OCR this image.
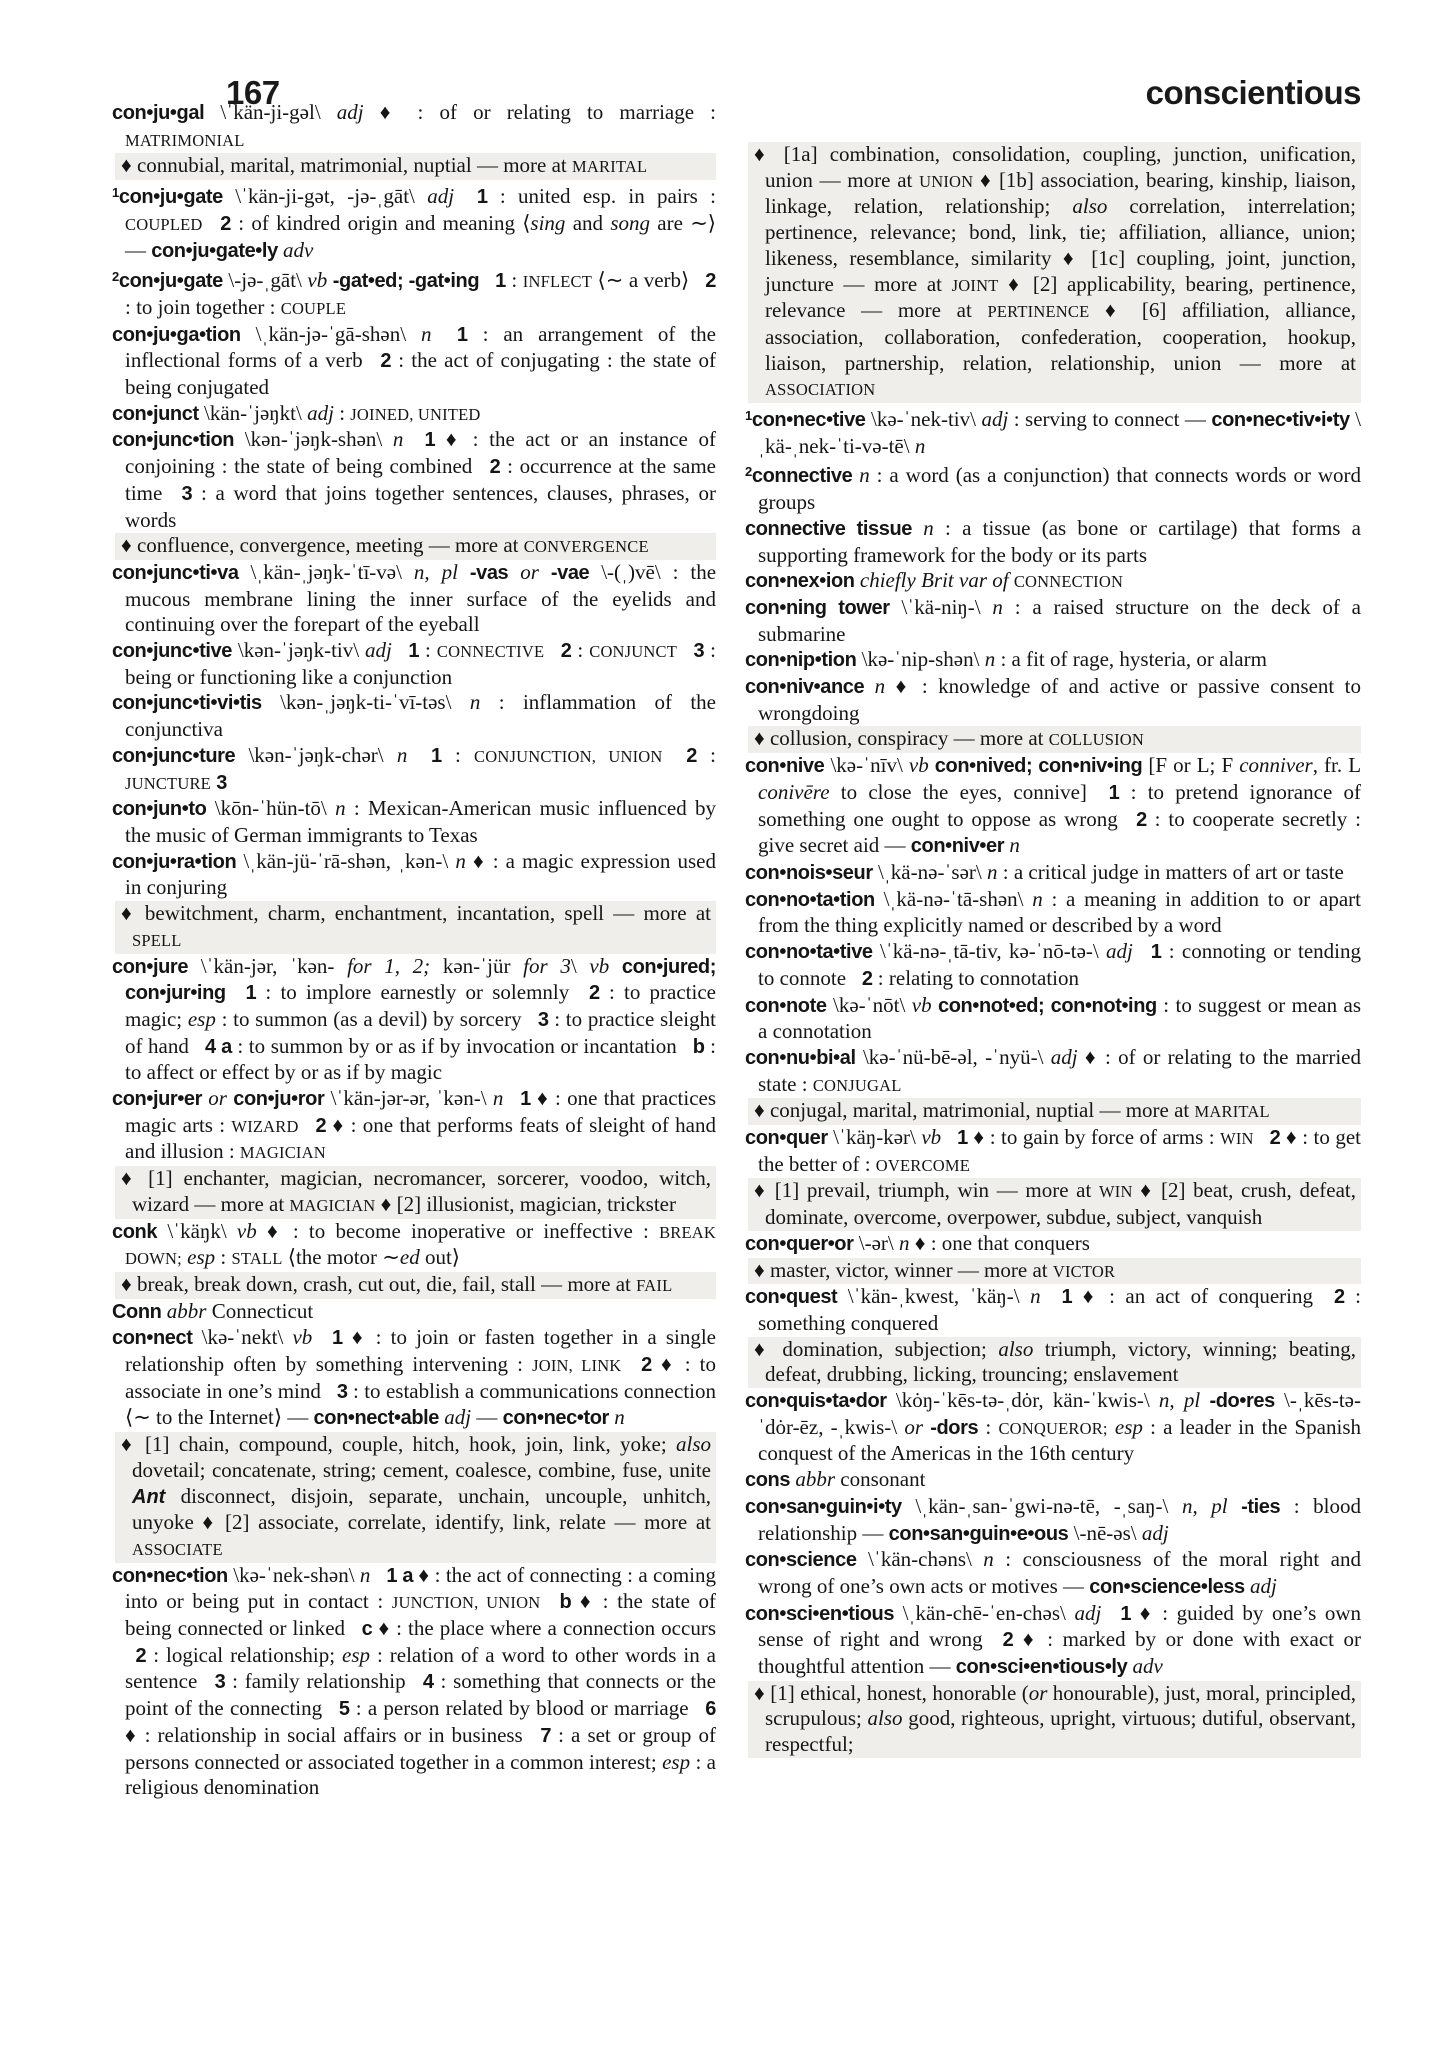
167	conscientious
con•ju•gal \ˈkän-ji-gəl\ adj ♦ : of or relating to marriage : MATRIMONIAL
♦ connubial, marital, matrimonial, nuptial — more at MARITAL
$^1$con•ju•gate \ˈkän-ji-gət, -jə-ˌgāt\ adj   1 : united esp. in pairs : COUPLED   2 : of kindred origin and meaning ⟨sing and song are ∼⟩ — con•ju•gate•ly adv
$^2$con•ju•gate \-jə-ˌgāt\ vb -gat•ed; -gat•ing   1 : INFLECT ⟨∼ a verb⟩  2 : to join together : COUPLE
con•ju•ga•tion \ˌkän-jə-ˈgā-shən\ n   1 : an arrangement of the inflectional forms of a verb  2 : the act of conjugating : the state of being conjugated
con•junct \kän-ˈjəŋkt\ adj : JOINED, UNITED
con•junc•tion \kən-ˈjəŋk-shən\ n   1 ♦ : the act or an instance of conjoining : the state of being combined  2 : occurrence at the same time  3 : a word that joins together sentences, clauses, phrases, or words
♦ confluence, convergence, meeting — more at CONVERGENCE
con•junc•ti•va \ˌkän-ˌjəŋk-ˈtī-və\ n, pl -vas or -vae \-(ˌ)vē\ : the mucous membrane lining the inner surface of the eyelids and continuing over the forepart of the eyeball
con•junc•tive \kən-ˈjəŋk-tiv\ adj   1 : CONNECTIVE   2 : CONJUNCT   3 : being or functioning like a conjunction
con•junc•ti•vi•tis \kən-ˌjəŋk-ti-ˈvī-təs\ n : inflammation of the conjunctiva
con•junc•ture \kən-ˈjəŋk-chər\ n   1 : CONJUNCTION, UNION   2 : JUNCTURE 3
con•jun•to \kōn-ˈhün-tō\ n : Mexican-American music influenced by the music of German immigrants to Texas
con•ju•ra•tion \ˌkän-jü-ˈrā-shən, ˌkən-\ n ♦ : a magic expression used in conjuring
♦ bewitchment, charm, enchantment, incantation, spell — more at SPELL
con•jure \ˈkän-jər, ˈkən- for 1, 2; kən-ˈjür for 3\ vb con•jured; con•jur•ing   1 : to implore earnestly or solemnly  2 : to practice magic; esp : to summon (as a devil) by sorcery  3 : to practice sleight of hand  4 a : to summon by or as if by invocation or incantation  b : to affect or effect by or as if by magic
con•jur•er or con•ju•ror \ˈkän-jər-ər, ˈkən-\ n   1 ♦ : one that practices magic arts : WIZARD   2 ♦ : one that performs feats of sleight of hand and illusion : MAGICIAN
♦ [1] enchanter, magician, necromancer, sorcerer, voodoo, witch, wizard — more at MAGICIAN ♦ [2] illusionist, magician, trickster
conk \ˈkäŋk\ vb ♦ : to become inoperative or ineffective : BREAK DOWN; esp : STALL ⟨the motor ∼ed out⟩
♦ break, break down, crash, cut out, die, fail, stall — more at FAIL
Conn abbr Connecticut
con•nect \kə-ˈnekt\ vb   1 ♦ : to join or fasten together in a single relationship often by something intervening : JOIN, LINK   2 ♦ : to associate in one’s mind  3 : to establish a communications connection ⟨∼ to the Internet⟩ — con•nect•able adj — con•nec•tor n
♦ [1] chain, compound, couple, hitch, hook, join, link, yoke; also dovetail; concatenate, string; cement, coalesce, combine, fuse, unite Ant disconnect, disjoin, separate, unchain, uncouple, unhitch, unyoke ♦ [2] associate, correlate, identify, link, relate — more at ASSOCIATE
con•nec•tion \kə-ˈnek-shən\ n   1 a ♦ : the act of connecting : a coming into or being put in contact : JUNCTION, UNION   b ♦ : the state of being connected or linked  c ♦ : the place where a connection occurs  2 : logical relationship; esp : relation of a word to other words in a sentence  3 : family relationship  4 : something that connects or the point of the connecting  5 : a person related by blood or marriage  6 ♦ : relationship in social affairs or in business  7 : a set or group of persons connected or associated together in a common interest; esp : a religious denomination
♦ [1a] combination, consolidation, coupling, junction, unification, union — more at UNION ♦ [1b] association, bearing, kinship, liaison, linkage, relation, relationship; also correlation, interrelation; pertinence, relevance; bond, link, tie; affiliation, alliance, union; likeness, resemblance, similarity ♦ [1c] coupling, joint, junction, juncture — more at JOINT ♦ [2] applicability, bearing, pertinence, relevance — more at PERTINENCE ♦ [6] affiliation, alliance, association, collaboration, confederation, cooperation, hookup, liaison, partnership, relation, relationship, union — more at ASSOCIATION
$^1$con•nec•tive \kə-ˈnek-tiv\ adj : serving to connect — con•nec•tiv•i•ty \ˌkä-ˌnek-ˈti-və-tē\ n
$^2$connective n : a word (as a conjunction) that connects words or word groups
connective tissue n : a tissue (as bone or cartilage) that forms a supporting framework for the body or its parts
con•nex•ion chiefly Brit var of CONNECTION
con•ning tower \ˈkä-niŋ-\ n : a raised structure on the deck of a submarine
con•nip•tion \kə-ˈnip-shən\ n : a fit of rage, hysteria, or alarm
con•niv•ance n ♦ : knowledge of and active or passive consent to wrongdoing
♦ collusion, conspiracy — more at COLLUSION
con•nive \kə-ˈnīv\ vb con•nived; con•niv•ing [F or L; F conniver, fr. L conivēre to close the eyes, connive]  1 : to pretend ignorance of something one ought to oppose as wrong  2 : to cooperate secretly : give secret aid — con•niv•er n
con•nois•seur \ˌkä-nə-ˈsər\ n : a critical judge in matters of art or taste
con•no•ta•tion \ˌkä-nə-ˈtā-shən\ n : a meaning in addition to or apart from the thing explicitly named or described by a word
con•no•ta•tive \ˈkä-nə-ˌtā-tiv, kə-ˈnō-tə-\ adj   1 : connoting or tending to connote  2 : relating to connotation
con•note \kə-ˈnōt\ vb con•not•ed; con•not•ing : to suggest or mean as a connotation
con•nu•bi•al \kə-ˈnü-bē-əl, -ˈnyü-\ adj ♦ : of or relating to the married state : CONJUGAL
♦ conjugal, marital, matrimonial, nuptial — more at MARITAL
con•quer \ˈkäŋ-kər\ vb   1 ♦ : to gain by force of arms : WIN   2 ♦ : to get the better of : OVERCOME
♦ [1] prevail, triumph, win — more at WIN ♦ [2] beat, crush, defeat, dominate, overcome, overpower, subdue, subject, vanquish
con•quer•or \-ər\ n ♦ : one that conquers
♦ master, victor, winner — more at VICTOR
con•quest \ˈkän-ˌkwest, ˈkäŋ-\ n   1 ♦ : an act of conquering  2 : something conquered
♦ domination, subjection; also triumph, victory, winning; beating, defeat, drubbing, licking, trouncing; enslavement
con•quis•ta•dor \kȯŋ-ˈkēs-tə-ˌdȯr, kän-ˈkwis-\ n, pl -do•res \-ˌkēs-tə-ˈdȯr-ēz, -ˌkwis-\ or -dors : CONQUEROR; esp : a leader in the Spanish conquest of the Americas in the 16th century
cons abbr consonant
con•san•guin•i•ty \ˌkän-ˌsan-ˈgwi-nə-tē, -ˌsaŋ-\ n, pl -ties : blood relationship — con•san•guin•e•ous \-nē-əs\ adj
con•science \ˈkän-chəns\ n : consciousness of the moral right and wrong of one’s own acts or motives — con•science•less adj
con•sci•en•tious \ˌkän-chē-ˈen-chəs\ adj   1 ♦ : guided by one’s own sense of right and wrong  2 ♦ : marked by or done with exact or thoughtful attention — con•sci•en•tious•ly adv
♦ [1] ethical, honest, honorable (or honourable), just, moral, principled, scrupulous; also good, righteous, upright, virtuous; dutiful, observant, respectful;
